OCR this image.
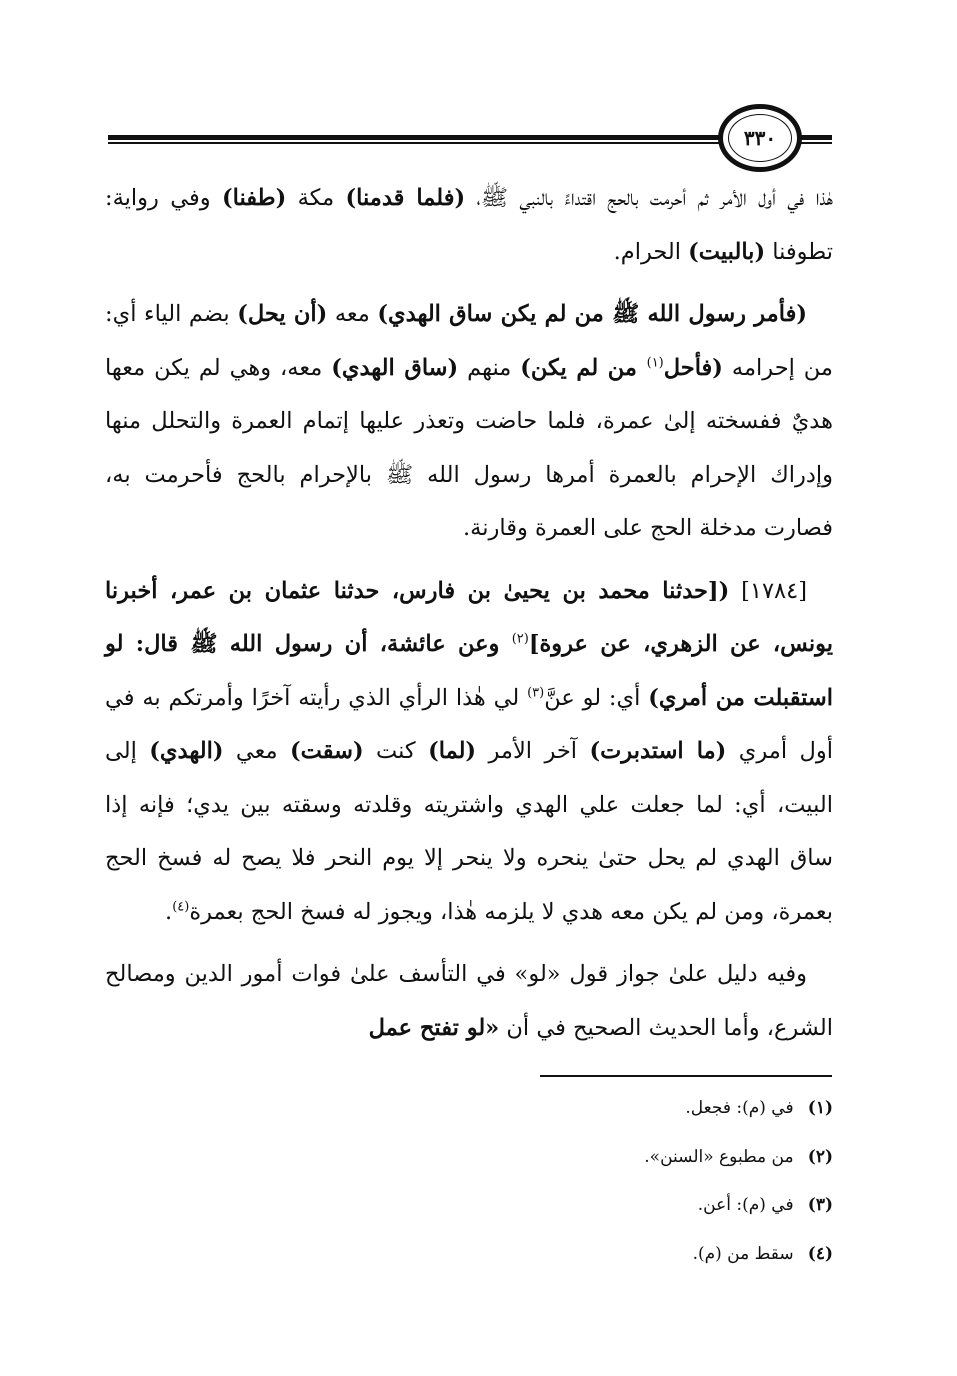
٣٣٠

هٰذا في أول الأمر ثم أحرمت بالحج اقتداءً بالنبي ﷺ، (فلما قدمنا) مكة (طفنا) وفي رواية: تطوفنا (بالبيت) الحرام.

(فأمر رسول الله ﷺ من لم يكن ساق الهدي) معه (أن يحل) بضم الياء أي: من إحرامه (فأحل$^{(١)}$ من لم يكن) منهم (ساق الهدي) معه، وهي لم يكن معها هديٌ ففسخته إلىٰ عمرة، فلما حاضت وتعذر عليها إتمام العمرة والتحلل منها وإدراك الإحرام بالعمرة أمرها رسول الله ﷺ بالإحرام بالحج فأحرمت به، فصارت مدخلة الحج على العمرة وقارنة.

[١٧٨٤] ([حدثنا محمد بن يحيىٰ بن فارس، حدثنا عثمان بن عمر، أخبرنا يونس، عن الزهري، عن عروة]$^{(٢)}$ وعن عائشة، أن رسول الله ﷺ قال: لو استقبلت من أمري) أي: لو عنَّ$^{(٣)}$ لي هٰذا الرأي الذي رأيته آخرًا وأمرتكم به في أول أمري (ما استدبرت) آخر الأمر (لما) كنت (سقت) معي (الهدي) إلى البيت، أي: لما جعلت علي الهدي واشتريته وقلدته وسقته بين يدي؛ فإنه إذا ساق الهدي لم يحل حتىٰ ينحره ولا ينحر إلا يوم النحر فلا يصح له فسخ الحج بعمرة، ومن لم يكن معه هدي لا يلزمه هٰذا، ويجوز له فسخ الحج بعمرة$^{(٤)}$.

وفيه دليل علىٰ جواز قول «لو» في التأسف علىٰ فوات أمور الدين ومصالح الشرع، وأما الحديث الصحيح في أن «لو تفتح عمل

(١) في (م): فجعل.
(٢) من مطبوع «السنن».
(٣) في (م): أعن.
(٤) سقط من (م).
